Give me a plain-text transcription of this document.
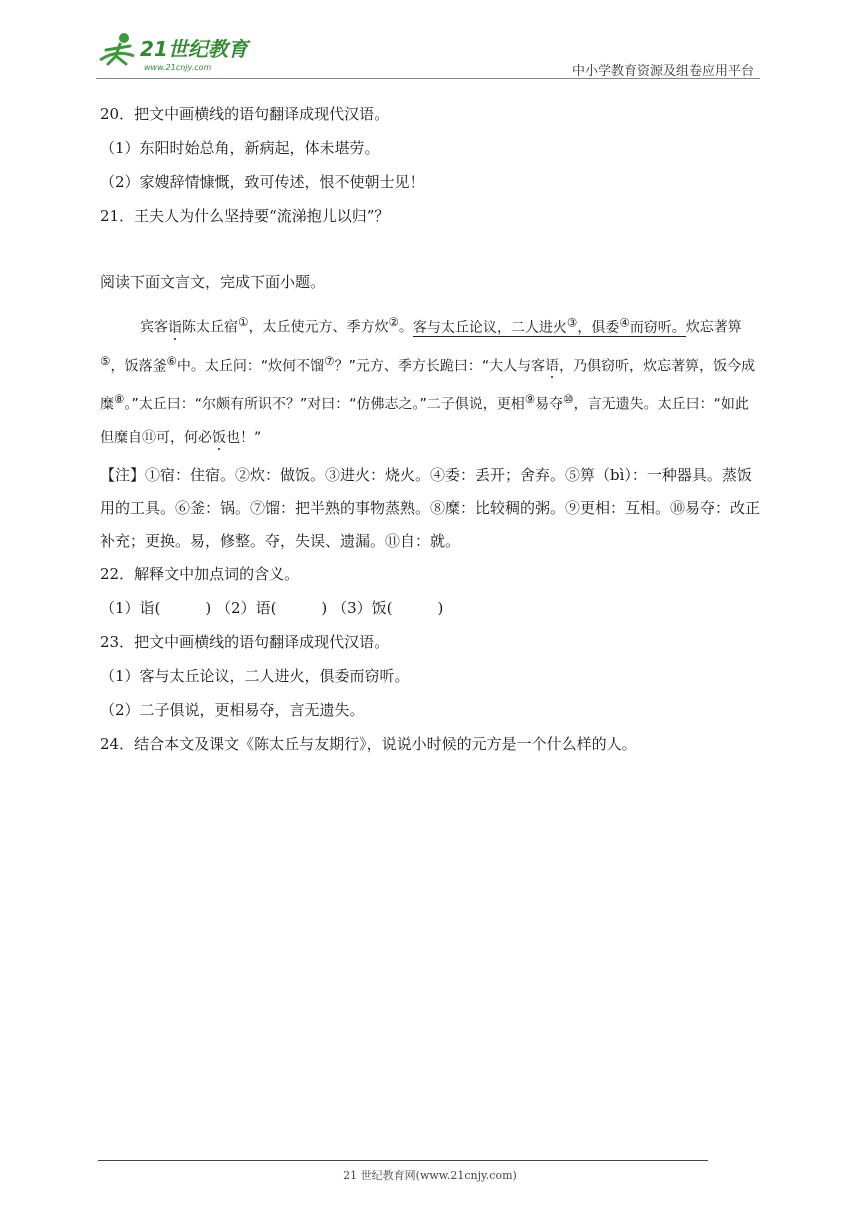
21世纪教育
www.21cnjy.com	中小学教育资源及组卷应用平台
20．把文中画横线的语句翻译成现代汉语。
（1）东阳时始总角，新病起，体未堪劳。
（2）家嫂辞情慷慨，致可传述，恨不使朝士见！
21．王夫人为什么坚持要“流涕抱儿以归”？
阅读下面文言文，完成下面小题。

宾客诣陈太丘宿①，太丘使元方、季方炊②。客与太丘论议，二人进火③，俱委④而窃听。炊忘著箅⑤，饭落釜⑥中。太丘问：“炊何不馏⑦？”元方、季方长跪曰：“大人与客语，乃俱窃听，炊忘著箅，饭今成糜⑧。”太丘曰：“尔颇有所识不？”对曰：“仿佛志之。”二子俱说，更相⑨易夺⑩，言无遗失。太丘曰：“如此但糜自⑪可，何必饭也！”

【注】①宿：住宿。②炊：做饭。③进火：烧火。④委：丢开；舍弃。⑤箅（bì）：一种器具。蒸饭用的工具。⑥釜：锅。⑦馏：把半熟的事物蒸熟。⑧糜：比较稠的粥。⑨更相：互相。⑩易夺：改正补充；更换。易，修整。夺，失误、遗漏。⑪自：就。
22．解释文中加点词的含义。
（1）诣(　　　) （2）语(　　　) （3）饭(　　　)
23．把文中画横线的语句翻译成现代汉语。
（1）客与太丘论议，二人进火，俱委而窃听。
（2）二子俱说，更相易夺，言无遗失。
24．结合本文及课文《陈太丘与友期行》，说说小时候的元方是一个什么样的人。
21 世纪教育网(www.21cnjy.com)
